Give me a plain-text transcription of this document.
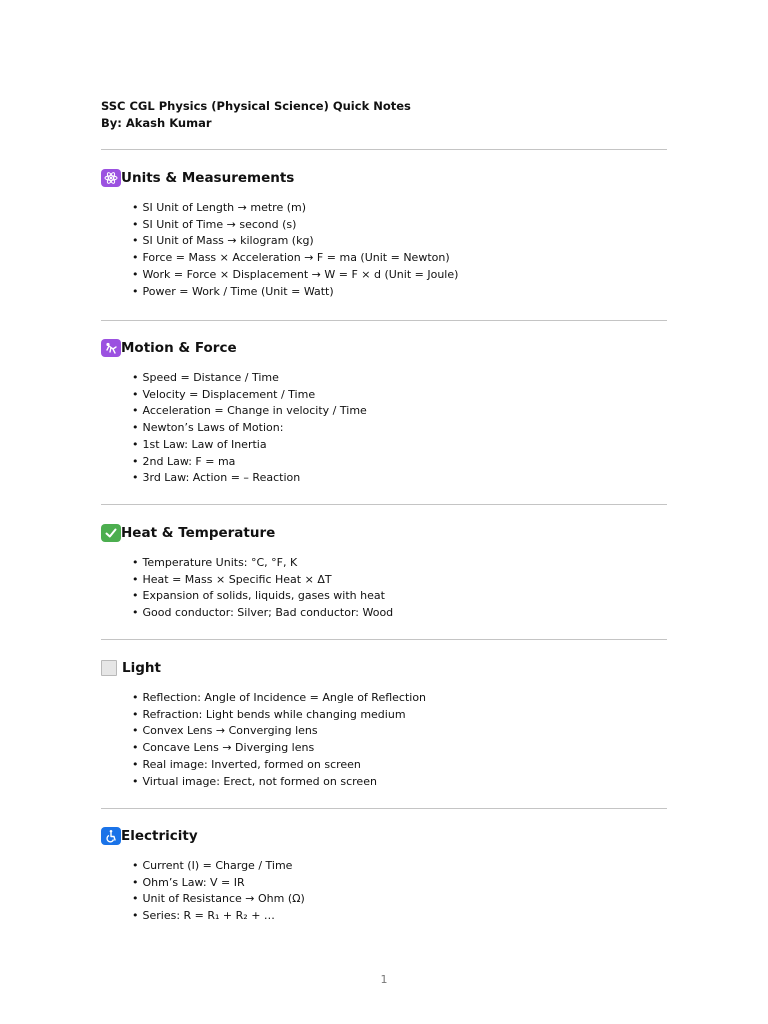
SSC CGL Physics (Physical Science) Quick Notes
By: Akash Kumar
Units & Measurements
• SI Unit of Length → metre (m)
• SI Unit of Time → second (s)
• SI Unit of Mass → kilogram (kg)
• Force = Mass × Acceleration → F = ma (Unit = Newton)
• Work = Force × Displacement → W = F × d (Unit = Joule)
• Power = Work / Time (Unit = Watt)
Motion & Force
• Speed = Distance / Time
• Velocity = Displacement / Time
• Acceleration = Change in velocity / Time
• Newton’s Laws of Motion:
• 1st Law: Law of Inertia
• 2nd Law: F = ma
• 3rd Law: Action = – Reaction
Heat & Temperature
• Temperature Units: °C, °F, K
• Heat = Mass × Specific Heat × ΔT
• Expansion of solids, liquids, gases with heat
• Good conductor: Silver; Bad conductor: Wood
Light
• Reflection: Angle of Incidence = Angle of Reflection
• Refraction: Light bends while changing medium
• Convex Lens → Converging lens
• Concave Lens → Diverging lens
• Real image: Inverted, formed on screen
• Virtual image: Erect, not formed on screen
Electricity
• Current (I) = Charge / Time
• Ohm’s Law: V = IR
• Unit of Resistance → Ohm (Ω)
• Series: R = R₁ + R₂ + …
1
